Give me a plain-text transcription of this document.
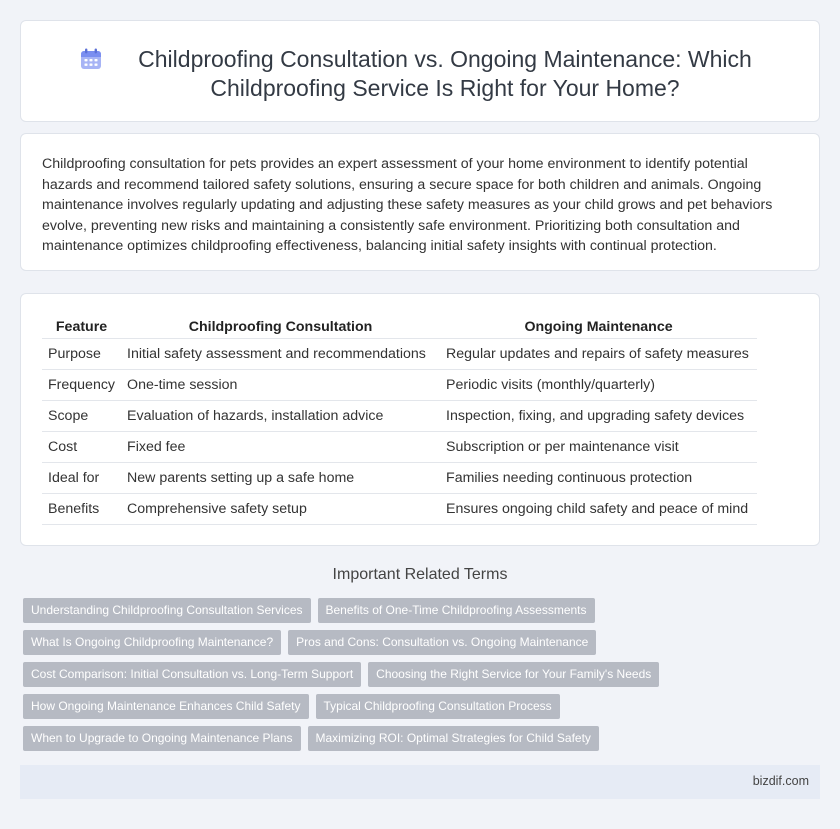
Childproofing Consultation vs. Ongoing Maintenance: Which Childproofing Service Is Right for Your Home?

Childproofing consultation for pets provides an expert assessment of your home environment to identify potential hazards and recommend tailored safety solutions, ensuring a secure space for both children and animals. Ongoing maintenance involves regularly updating and adjusting these safety measures as your child grows and pet behaviors evolve, preventing new risks and maintaining a consistently safe environment. Prioritizing both consultation and maintenance optimizes childproofing effectiveness, balancing initial safety insights with continual protection.

Feature	Childproofing Consultation	Ongoing Maintenance
Purpose	Initial safety assessment and recommendations	Regular updates and repairs of safety measures
Frequency	One-time session	Periodic visits (monthly/quarterly)
Scope	Evaluation of hazards, installation advice	Inspection, fixing, and upgrading safety devices
Cost	Fixed fee	Subscription or per maintenance visit
Ideal for	New parents setting up a safe home	Families needing continuous protection
Benefits	Comprehensive safety setup	Ensures ongoing child safety and peace of mind
Important Related Terms
Understanding Childproofing Consultation Services	Benefits of One-Time Childproofing Assessments
What Is Ongoing Childproofing Maintenance?	Pros and Cons: Consultation vs. Ongoing Maintenance
Cost Comparison: Initial Consultation vs. Long-Term Support	Choosing the Right Service for Your Family's Needs
How Ongoing Maintenance Enhances Child Safety	Typical Childproofing Consultation Process
When to Upgrade to Ongoing Maintenance Plans	Maximizing ROI: Optimal Strategies for Child Safety
bizdif.com
